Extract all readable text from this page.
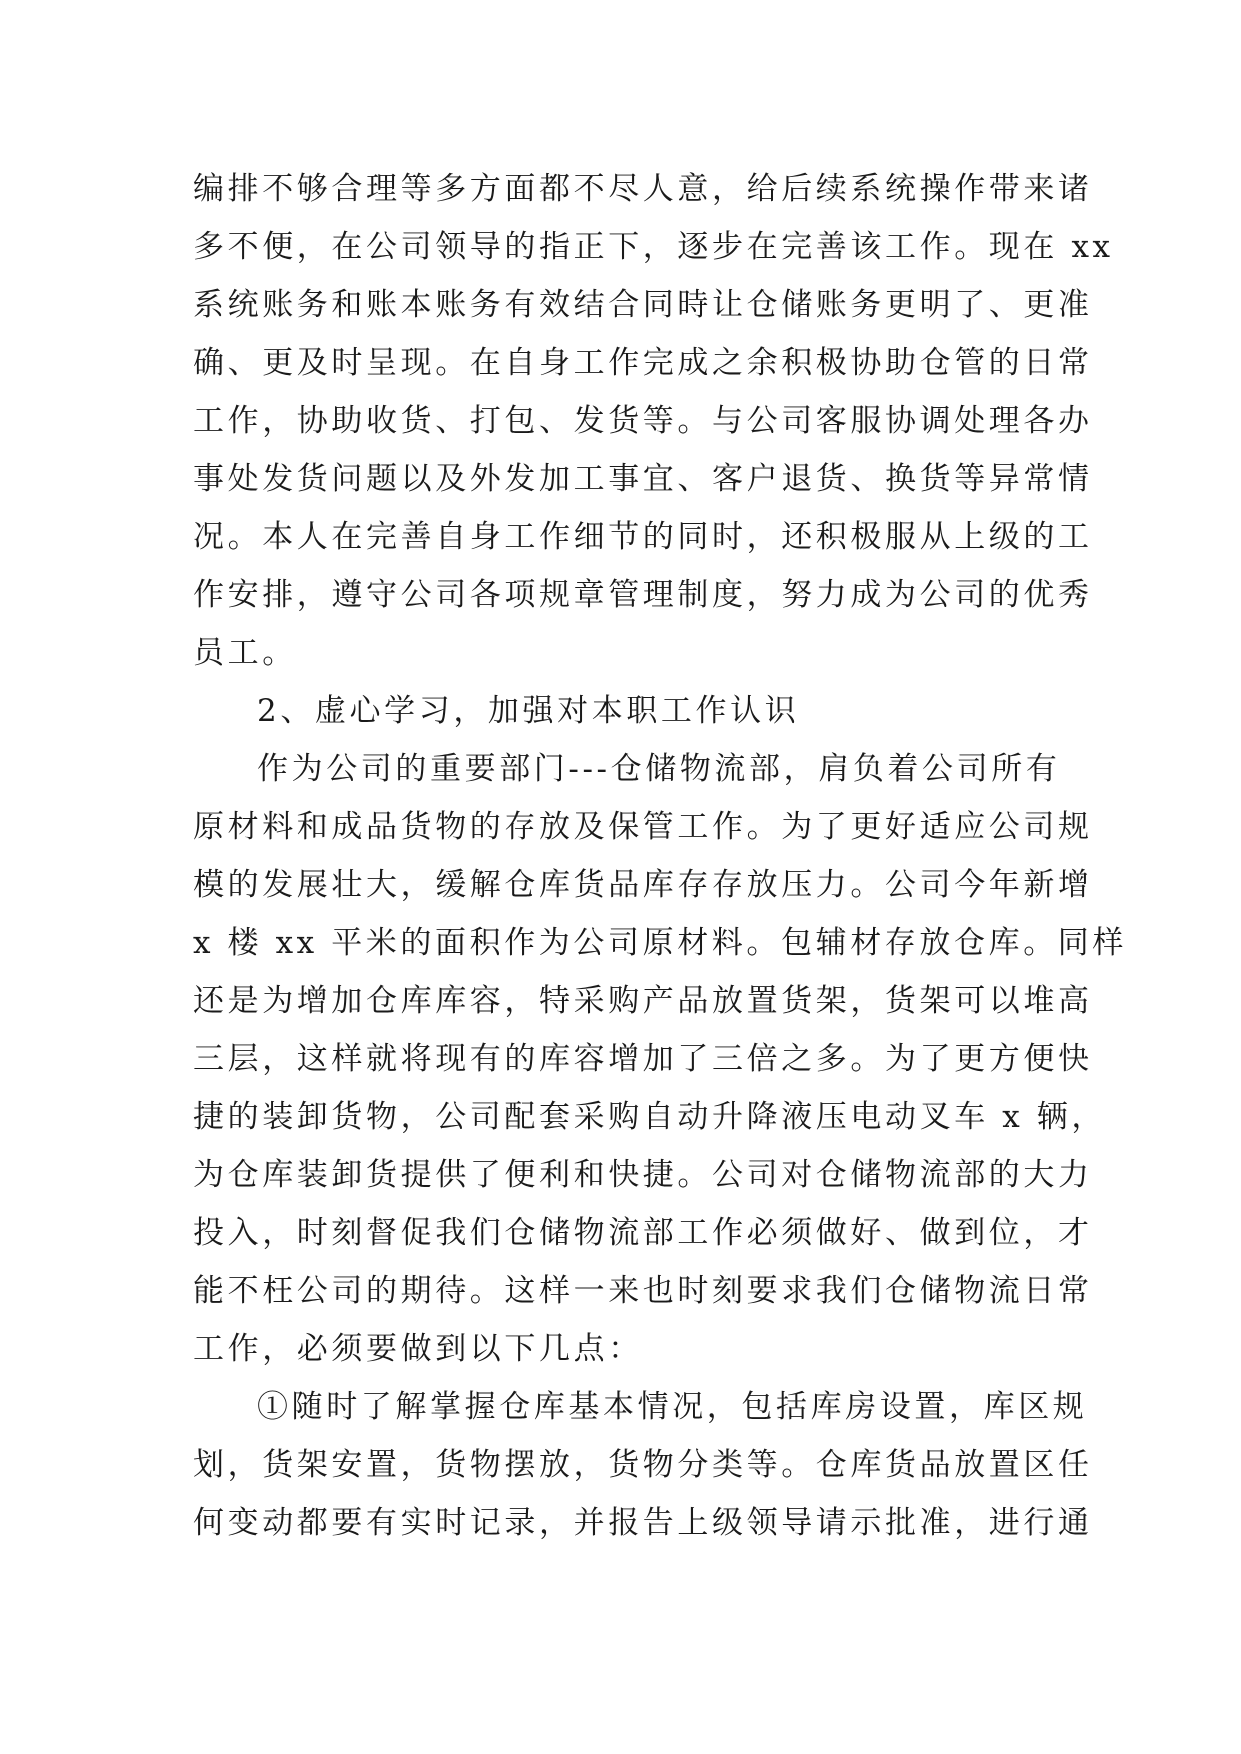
编排不够合理等多方面都不尽人意，给后续系统操作带来诸
多不便，在公司领导的指正下，逐步在完善该工作。现在 xx
系统账务和账本账务有效结合同時让仓储账务更明了、更准
确、更及时呈现。在自身工作完成之余积极协助仓管的日常
工作，协助收货、打包、发货等。与公司客服协调处理各办
事处发货问题以及外发加工事宜、客户退货、换货等异常情
况。本人在完善自身工作细节的同时，还积极服从上级的工
作安排，遵守公司各项规章管理制度，努力成为公司的优秀
员工。
2、虚心学习，加强对本职工作认识
作为公司的重要部门---仓储物流部，肩负着公司所有
原材料和成品货物的存放及保管工作。为了更好适应公司规
模的发展壮大，缓解仓库货品库存存放压力。公司今年新增
x 楼 xx 平米的面积作为公司原材料。包辅材存放仓库。同样
还是为增加仓库库容，特采购产品放置货架，货架可以堆高
三层，这样就将现有的库容增加了三倍之多。为了更方便快
捷的装卸货物，公司配套采购自动升降液压电动叉车 x 辆，
为仓库装卸货提供了便利和快捷。公司对仓储物流部的大力
投入，时刻督促我们仓储物流部工作必须做好、做到位，才
能不枉公司的期待。这样一来也时刻要求我们仓储物流日常
工作，必须要做到以下几点：
①随时了解掌握仓库基本情况，包括库房设置，库区规
划，货架安置，货物摆放，货物分类等。仓库货品放置区任
何变动都要有实时记录，并报告上级领导请示批准，进行通
